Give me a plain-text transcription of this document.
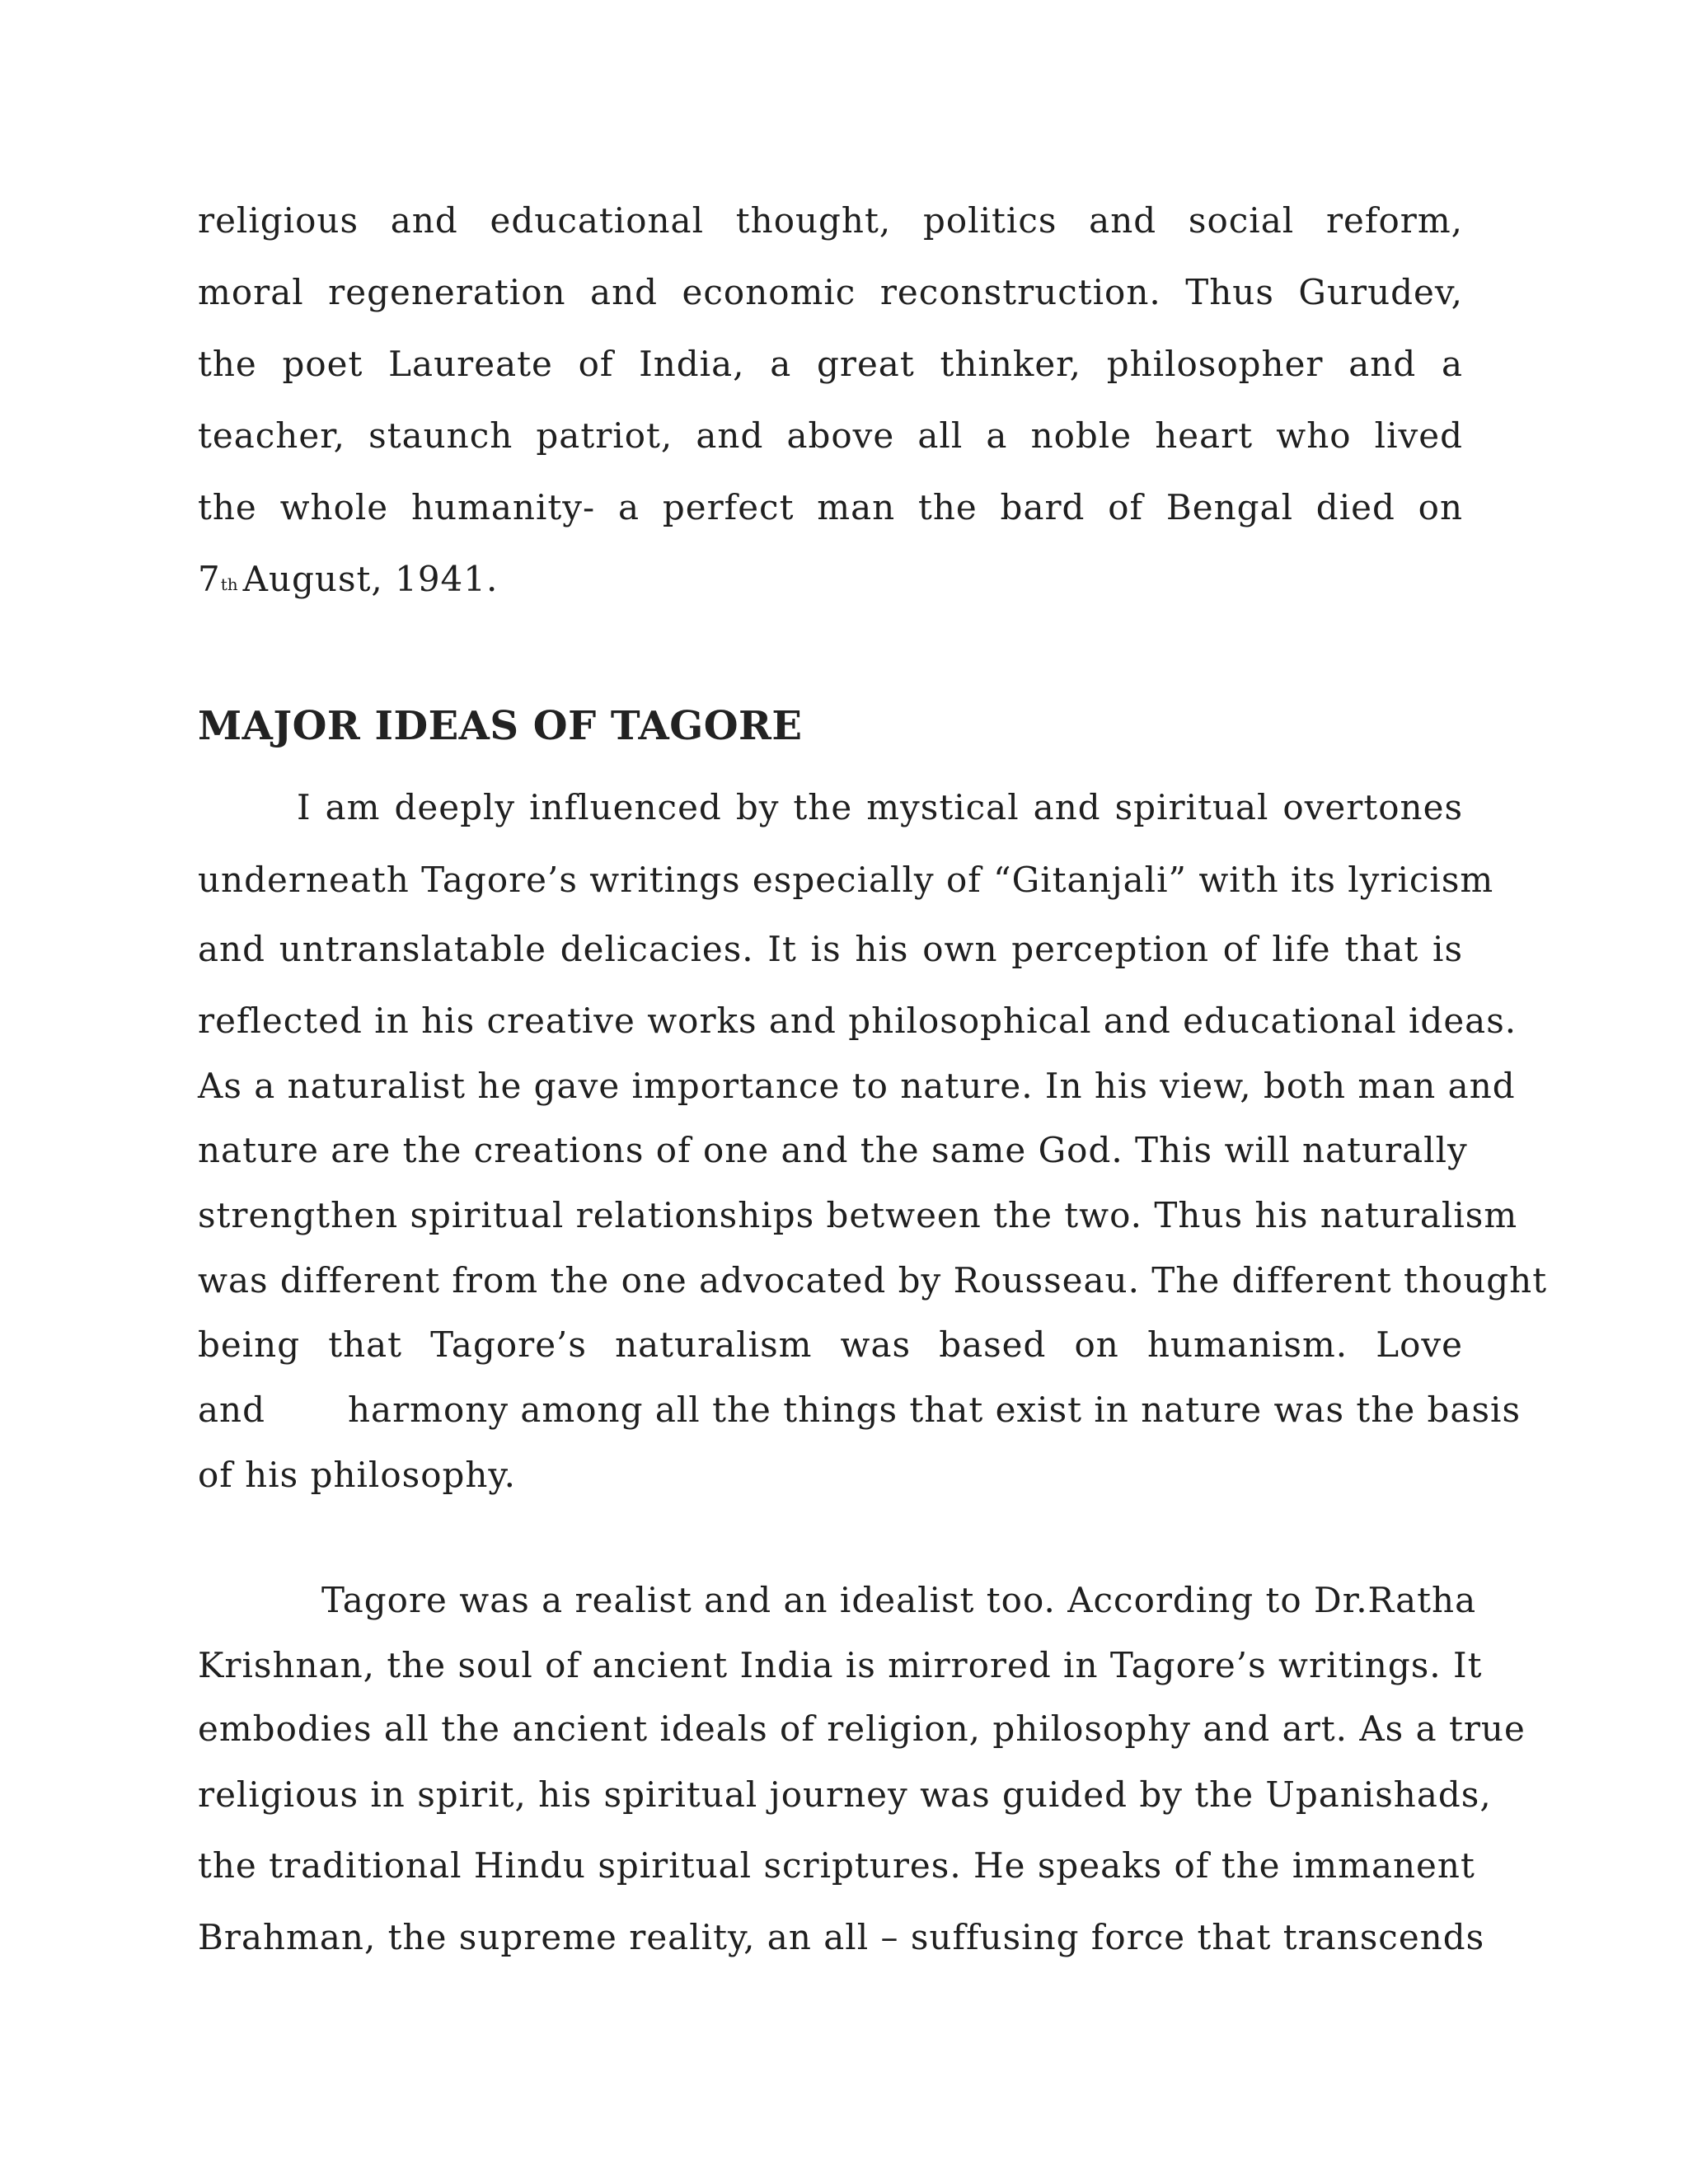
religious and educational thought, politics and social reform,
moral regeneration and economic reconstruction. Thus Gurudev,
the poet Laureate of India, a great thinker, philosopher and a
teacher, staunch patriot, and above all a noble heart who lived
the whole humanity- a perfect man the bard of Bengal died on
7th August, 1941.
MAJOR IDEAS OF TAGORE
I am deeply influenced by the mystical and spiritual overtones
underneath Tagore’s writings especially of “Gitanjali” with its lyricism
and untranslatable delicacies. It is his own perception of life that is
reflected in his creative works and philosophical and educational ideas.
As a naturalist he gave importance to nature. In his view, both man and
nature are the creations of one and the same God. This will naturally
strengthen spiritual relationships between the two. Thus his naturalism
was different from the one advocated by Rousseau. The different thought
being that Tagore’s naturalism was based on humanism. Love
and harmony among all the things that exist in nature was the basis
of his philosophy.
Tagore was a realist and an idealist too. According to Dr.Ratha
Krishnan, the soul of ancient India is mirrored in Tagore’s writings. It
embodies all the ancient ideals of religion, philosophy and art. As a true
religious in spirit, his spiritual journey was guided by the Upanishads,
the traditional Hindu spiritual scriptures. He speaks of the immanent
Brahman, the supreme reality, an all – suffusing force that transcends
